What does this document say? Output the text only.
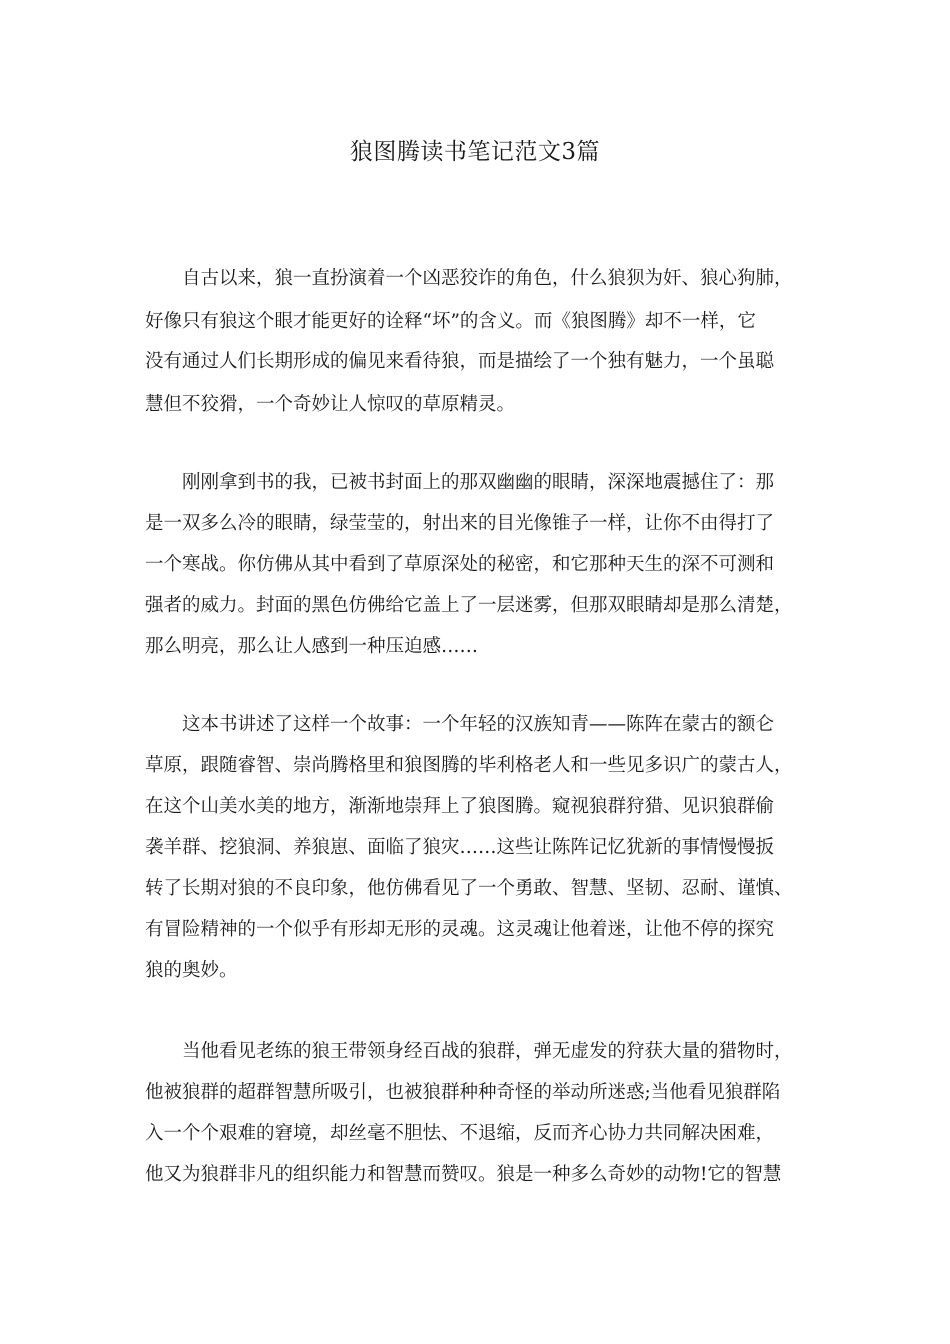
狼图腾读书笔记范文3篇

自古以来，狼一直扮演着一个凶恶狡诈的角色，什么狼狈为奸、狼心狗肺，

好像只有狼这个眼才能更好的诠释“坏”的含义。而《狼图腾》却不一样，它

没有通过人们长期形成的偏见来看待狼，而是描绘了一个独有魅力，一个虽聪

慧但不狡猾，一个奇妙让人惊叹的草原精灵。

刚刚拿到书的我，已被书封面上的那双幽幽的眼睛，深深地震撼住了：那

是一双多么冷的眼睛，绿莹莹的，射出来的目光像锥子一样，让你不由得打了

一个寒战。你仿佛从其中看到了草原深处的秘密，和它那种天生的深不可测和

强者的威力。封面的黑色仿佛给它盖上了一层迷雾，但那双眼睛却是那么清楚，

那么明亮，那么让人感到一种压迫感……

这本书讲述了这样一个故事：一个年轻的汉族知青——陈阵在蒙古的额仑

草原，跟随睿智、崇尚腾格里和狼图腾的毕利格老人和一些见多识广的蒙古人，

在这个山美水美的地方，渐渐地崇拜上了狼图腾。窥视狼群狩猎、见识狼群偷

袭羊群、挖狼洞、养狼崽、面临了狼灾……这些让陈阵记忆犹新的事情慢慢扳

转了长期对狼的不良印象，他仿佛看见了一个勇敢、智慧、坚韧、忍耐、谨慎、

有冒险精神的一个似乎有形却无形的灵魂。这灵魂让他着迷，让他不停的探究

狼的奥妙。

当他看见老练的狼王带领身经百战的狼群，弹无虚发的狩获大量的猎物时，

他被狼群的超群智慧所吸引，也被狼群种种奇怪的举动所迷惑;当他看见狼群陷

入一个个艰难的窘境，却丝毫不胆怯、不退缩，反而齐心协力共同解决困难，

他又为狼群非凡的组织能力和智慧而赞叹。狼是一种多么奇妙的动物!它的智慧
